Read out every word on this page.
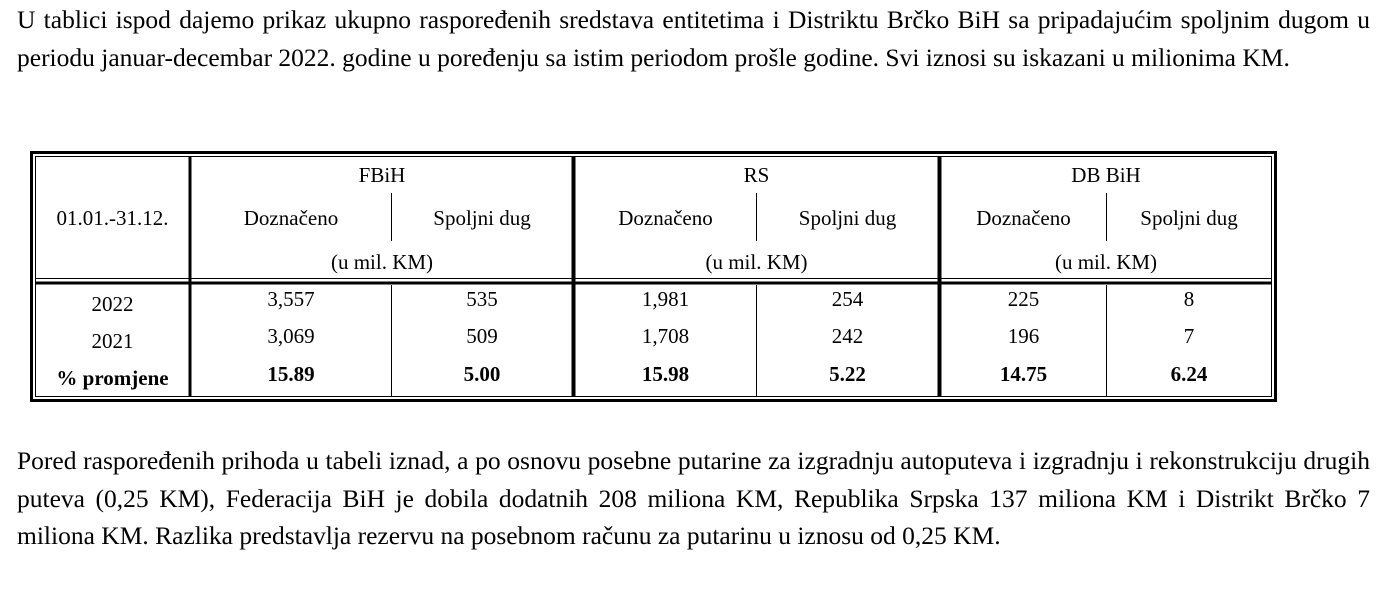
U tablici ispod dajemo prikaz ukupno raspoređenih sredstava entitetima i Distriktu Brčko BiH sa pripadajućim spoljnim dugom u periodu januar-decembar 2022. godine u poređenju sa istim periodom prošle godine. Svi iznosi su iskazani u milionima KM.

01.01.-31.12.
FBiH
Doznačeno	Spoljni dug
(u mil. KM)
RS
Doznačeno	Spoljni dug
(u mil. KM)
DB BiH
Doznačeno	Spoljni dug
(u mil. KM)
2022	3,557	535	1,981	254	225	8
2021	3,069	509	1,708	242	196	7
% promjene	15.89	5.00	15.98	5.22	14.75	6.24

Pored raspoređenih prihoda u tabeli iznad, a po osnovu posebne putarine za izgradnju autoputeva i izgradnju i rekonstrukciju drugih puteva (0,25 KM), Federacija BiH je dobila dodatnih 208 miliona KM, Republika Srpska 137 miliona KM i Distrikt Brčko 7 miliona KM. Razlika predstavlja rezervu na posebnom računu za putarinu u iznosu od 0,25 KM.
